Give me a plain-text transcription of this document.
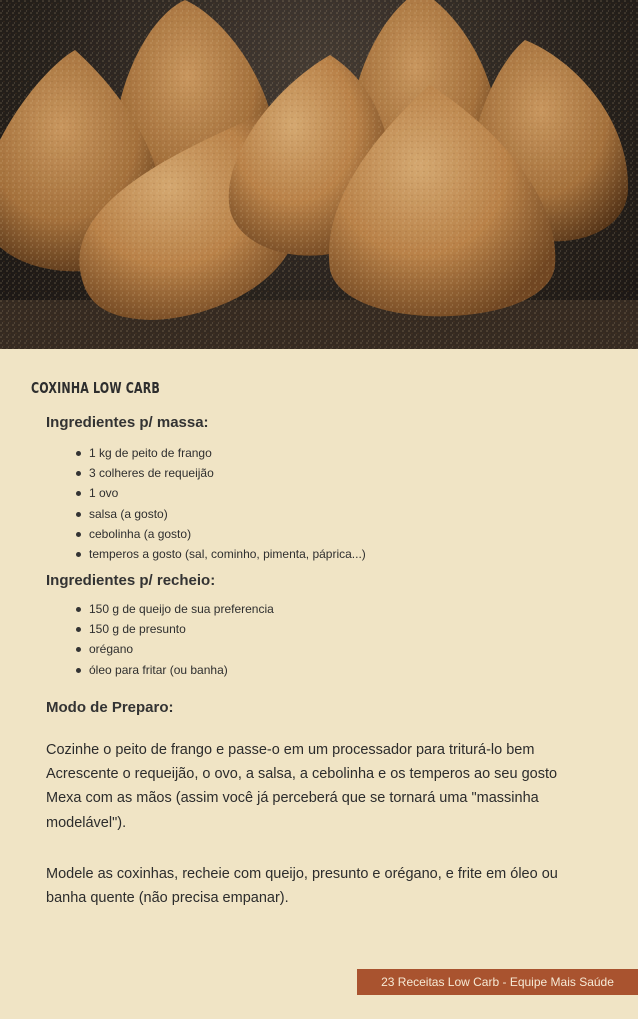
COXINHA LOW CARB
Ingredientes p/ massa:
1 kg de peito de frango
3 colheres de requeijão
1 ovo
salsa (a gosto)
cebolinha (a gosto)
temperos a gosto (sal, cominho, pimenta, páprica...)
Ingredientes p/ recheio:
150 g de queijo de sua preferencia
150 g de presunto
orégano
óleo para fritar (ou banha)
Modo de Preparo:

Cozinhe o peito de frango e passe-o em um processador para triturá-lo bem
Acrescente o requeijão, o ovo, a salsa, a cebolinha e os temperos ao seu gosto
Mexa com as mãos (assim você já perceberá que se tornará uma "massinha
modelável").

Modele as coxinhas, recheie com queijo, presunto e orégano, e frite em óleo ou
banha quente (não precisa empanar).

23 Receitas Low Carb - Equipe Mais Saúde
